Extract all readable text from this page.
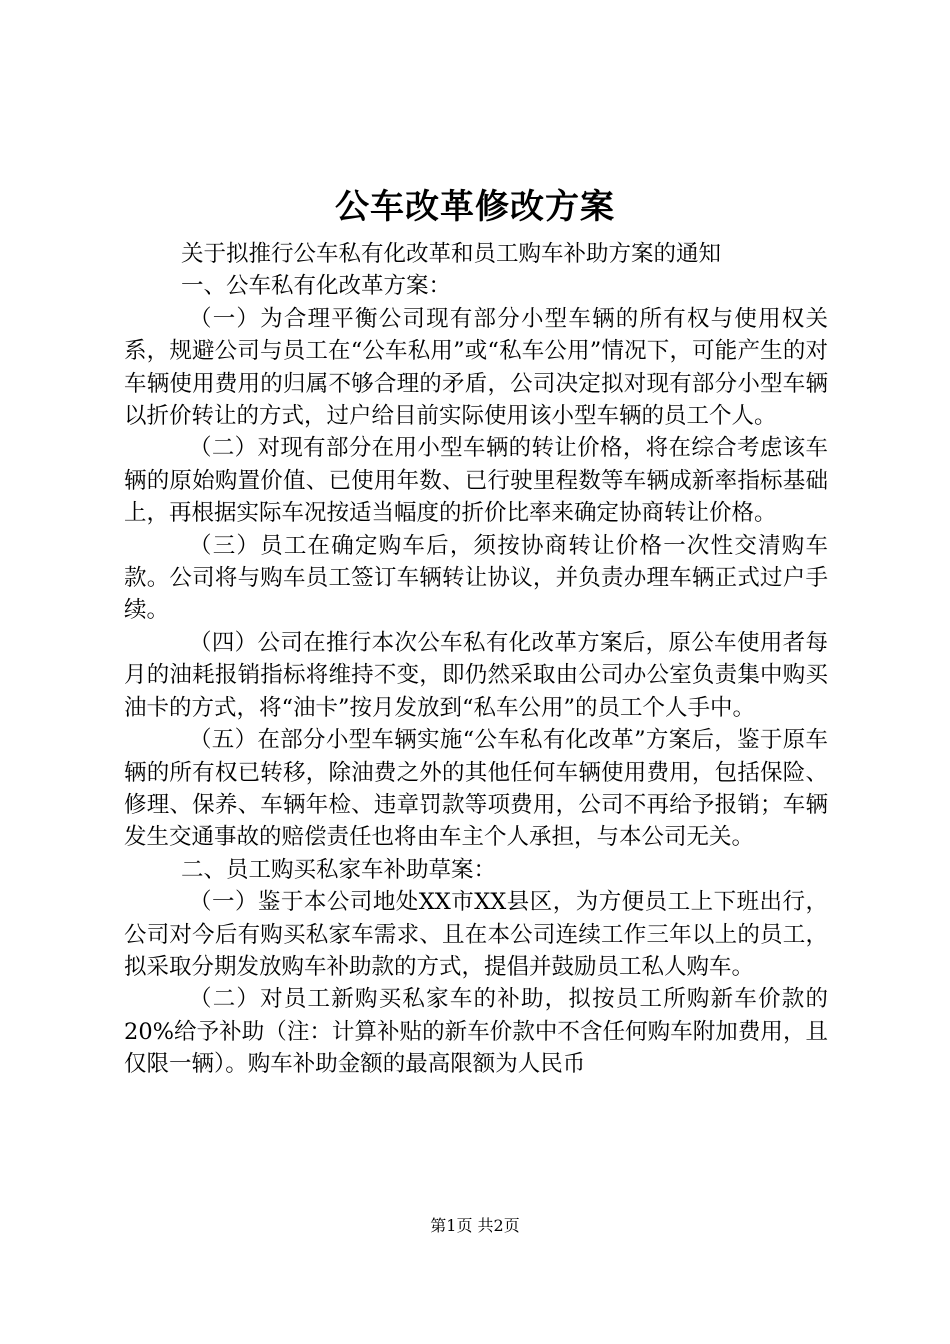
公车改革修改方案

关于拟推行公车私有化改革和员工购车补助方案的通知

一、公车私有化改革方案：

（一）为合理平衡公司现有部分小型车辆的所有权与使用权关系，规避公司与员工在“公车私用”或“私车公用”情况下，可能产生的对车辆使用费用的归属不够合理的矛盾，公司决定拟对现有部分小型车辆以折价转让的方式，过户给目前实际使用该小型车辆的员工个人。

（二）对现有部分在用小型车辆的转让价格，将在综合考虑该车辆的原始购置价值、已使用年数、已行驶里程数等车辆成新率指标基础上，再根据实际车况按适当幅度的折价比率来确定协商转让价格。

（三）员工在确定购车后，须按协商转让价格一次性交清购车款。公司将与购车员工签订车辆转让协议，并负责办理车辆正式过户手续。

（四）公司在推行本次公车私有化改革方案后，原公车使用者每月的油耗报销指标将维持不变，即仍然采取由公司办公室负责集中购买油卡的方式，将“油卡”按月发放到“私车公用”的员工个人手中。

（五）在部分小型车辆实施“公车私有化改革”方案后，鉴于原车辆的所有权已转移，除油费之外的其他任何车辆使用费用，包括保险、修理、保养、车辆年检、违章罚款等项费用，公司不再给予报销；车辆发生交通事故的赔偿责任也将由车主个人承担，与本公司无关。

二、员工购买私家车补助草案：

（一）鉴于本公司地处XX市XX县区，为方便员工上下班出行，公司对今后有购买私家车需求、且在本公司连续工作三年以上的员工，拟采取分期发放购车补助款的方式，提倡并鼓励员工私人购车。

（二）对员工新购买私家车的补助，拟按员工所购新车价款的20%给予补助（注：计算补贴的新车价款中不含任何购车附加费用，且仅限一辆）。购车补助金额的最高限额为人民币

第1页 共2页
